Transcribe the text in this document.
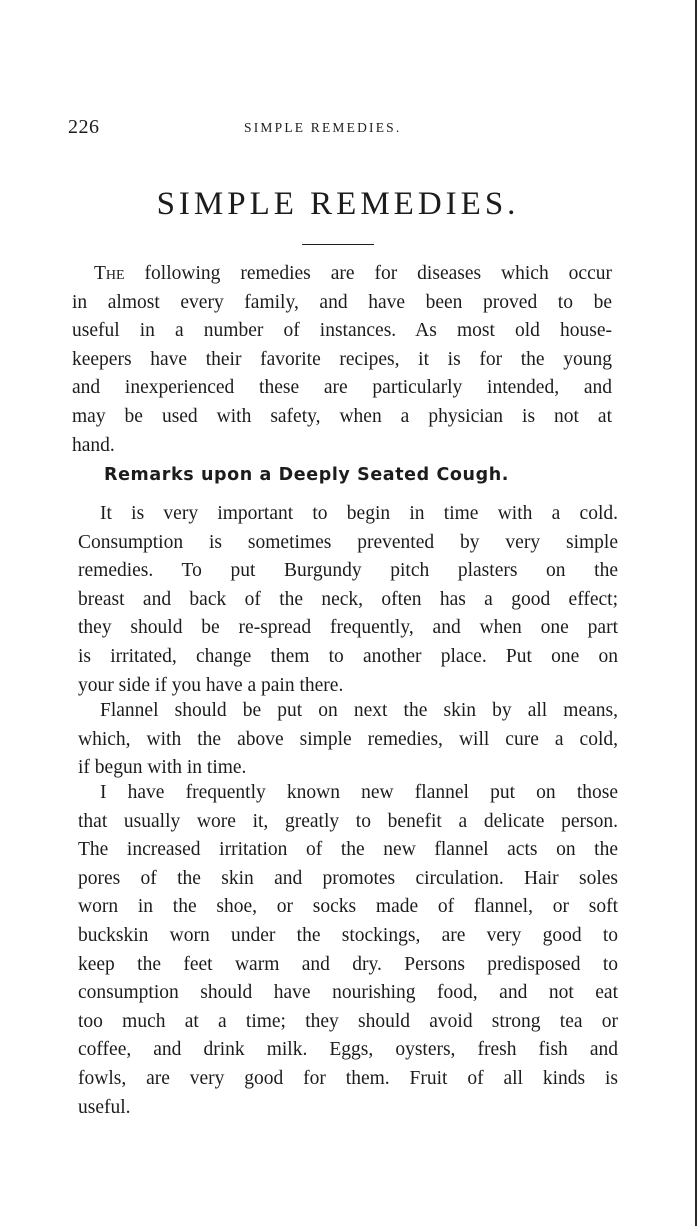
226	SIMPLE REMEDIES.
SIMPLE REMEDIES.
The following remedies are for diseases which occur
in almost every family, and have been proved to be
useful in a number of instances. As most old house-
keepers have their favorite recipes, it is for the young
and inexperienced these are particularly intended, and
may be used with safety, when a physician is not at
hand.
Remarks upon a Deeply Seated Cough.
It is very important to begin in time with a cold.
Consumption is sometimes prevented by very simple
remedies. To put Burgundy pitch plasters on the
breast and back of the neck, often has a good effect;
they should be re-spread frequently, and when one part
is irritated, change them to another place. Put one on
your side if you have a pain there.
Flannel should be put on next the skin by all means,
which, with the above simple remedies, will cure a cold,
if begun with in time.
I have frequently known new flannel put on those
that usually wore it, greatly to benefit a delicate person.
The increased irritation of the new flannel acts on the
pores of the skin and promotes circulation. Hair soles
worn in the shoe, or socks made of flannel, or soft
buckskin worn under the stockings, are very good to
keep the feet warm and dry. Persons predisposed to
consumption should have nourishing food, and not eat
too much at a time; they should avoid strong tea or
coffee, and drink milk. Eggs, oysters, fresh fish and
fowls, are very good for them. Fruit of all kinds is
useful.
